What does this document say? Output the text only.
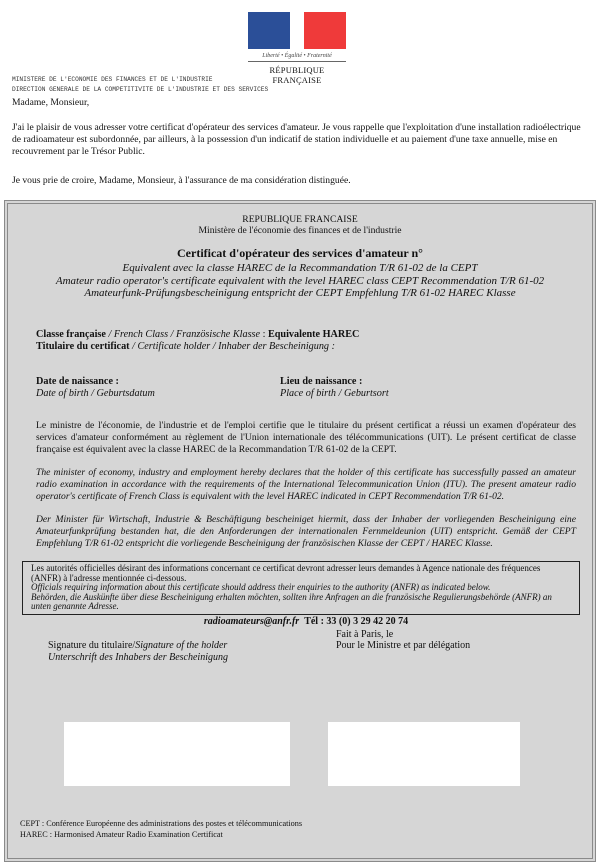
Liberté • Égalité • Fraternité
RÉPUBLIQUE FRANÇAISE
MINISTERE DE L'ECONOMIE DES FINANCES ET DE L'INDUSTRIE
DIRECTION GENERALE DE LA COMPETITIVITE DE L'INDUSTRIE ET DES SERVICES
Madame, Monsieur,
J'ai le plaisir de vous adresser votre certificat d'opérateur des services d'amateur. Je vous rappelle que l'exploitation d'une installation radioélectrique de radioamateur est subordonnée, par ailleurs, à la possession d'un indicatif de station individuelle et au paiement d'une taxe annuelle, mise en recouvrement par le Trésor Public.
Je vous prie de croire, Madame, Monsieur, à l'assurance de ma considération distinguée.
REPUBLIQUE FRANCAISE
Ministère de l'économie des finances et de l'industrie
Certificat d'opérateur des services d'amateur n°
Equivalent avec la classe HAREC de la Recommandation T/R 61-02 de la CEPT
Amateur radio operator's certificate equivalent with the level HAREC class CEPT Recommendation T/R 61-02
Amateurfunk-Prüfungsbescheinigung entspricht der CEPT Empfehlung T/R 61-02 HAREC Klasse
Classe française / French Class / Französische Klasse : Equivalente HAREC
Titulaire du certificat / Certificate holder / Inhaber der Bescheinigung :
Date de naissance :
Date of birth / Geburtsdatum
Lieu de naissance :
Place of birth / Geburtsort
Le ministre de l'économie, de l'industrie et de l'emploi certifie que le titulaire du présent certificat a réussi un examen d'opérateur des services d'amateur conformément au règlement de l'Union internationale des télécommunications (UIT). Le présent certificat de classe française est équivalent avec la classe HAREC de la Recommandation T/R 61-02 de la CEPT.
The minister of economy, industry and employment hereby declares that the holder of this certificate has successfully passed an amateur radio examination in accordance with the requirements of the International Telecommunication Union (ITU). The present amateur radio operator's certificate of French Class is equivalent with the level HAREC indicated in CEPT Recommendation T/R 61-02.
Der Minister für Wirtschaft, Industrie & Beschäftigung bescheiniget hiermit, dass der Inhaber der vorliegenden Bescheinigung eine Amateurfunkprüfung bestanden hat, die den Anforderungen der internationalen Fernmeldeunion (UIT) entspricht. Gemäß der CEPT Empfehlung T/R 61-02 entspricht die vorliegende Bescheinigung der französischen Klasse der CEPT / HAREC Klasse.
Les autorités officielles désirant des informations concernant ce certificat devront adresser leurs demandes à Agence nationale des fréquences (ANFR) à l'adresse mentionnée ci-dessous.
Officials requiring information about this certificate should address their enquiries to the authority (ANFR) as indicated below.
Behörden, die Auskünfte über diese Bescheinigung erhalten möchten, sollten ihre Anfragen an die französische Regulierungsbehörde (ANFR) an unten genannte Adresse.
radioamateurs@anfr.fr Tél : 33 (0) 3 29 42 20 74
Signature du titulaire/Signature of the holder
Unterschrift des Inhabers der Bescheinigung
Fait à Paris, le
Pour le Ministre et par délégation
CEPT : Conférence Européenne des administrations des postes et télécommunications
HAREC : Harmonised Amateur Radio Examination Certificat
